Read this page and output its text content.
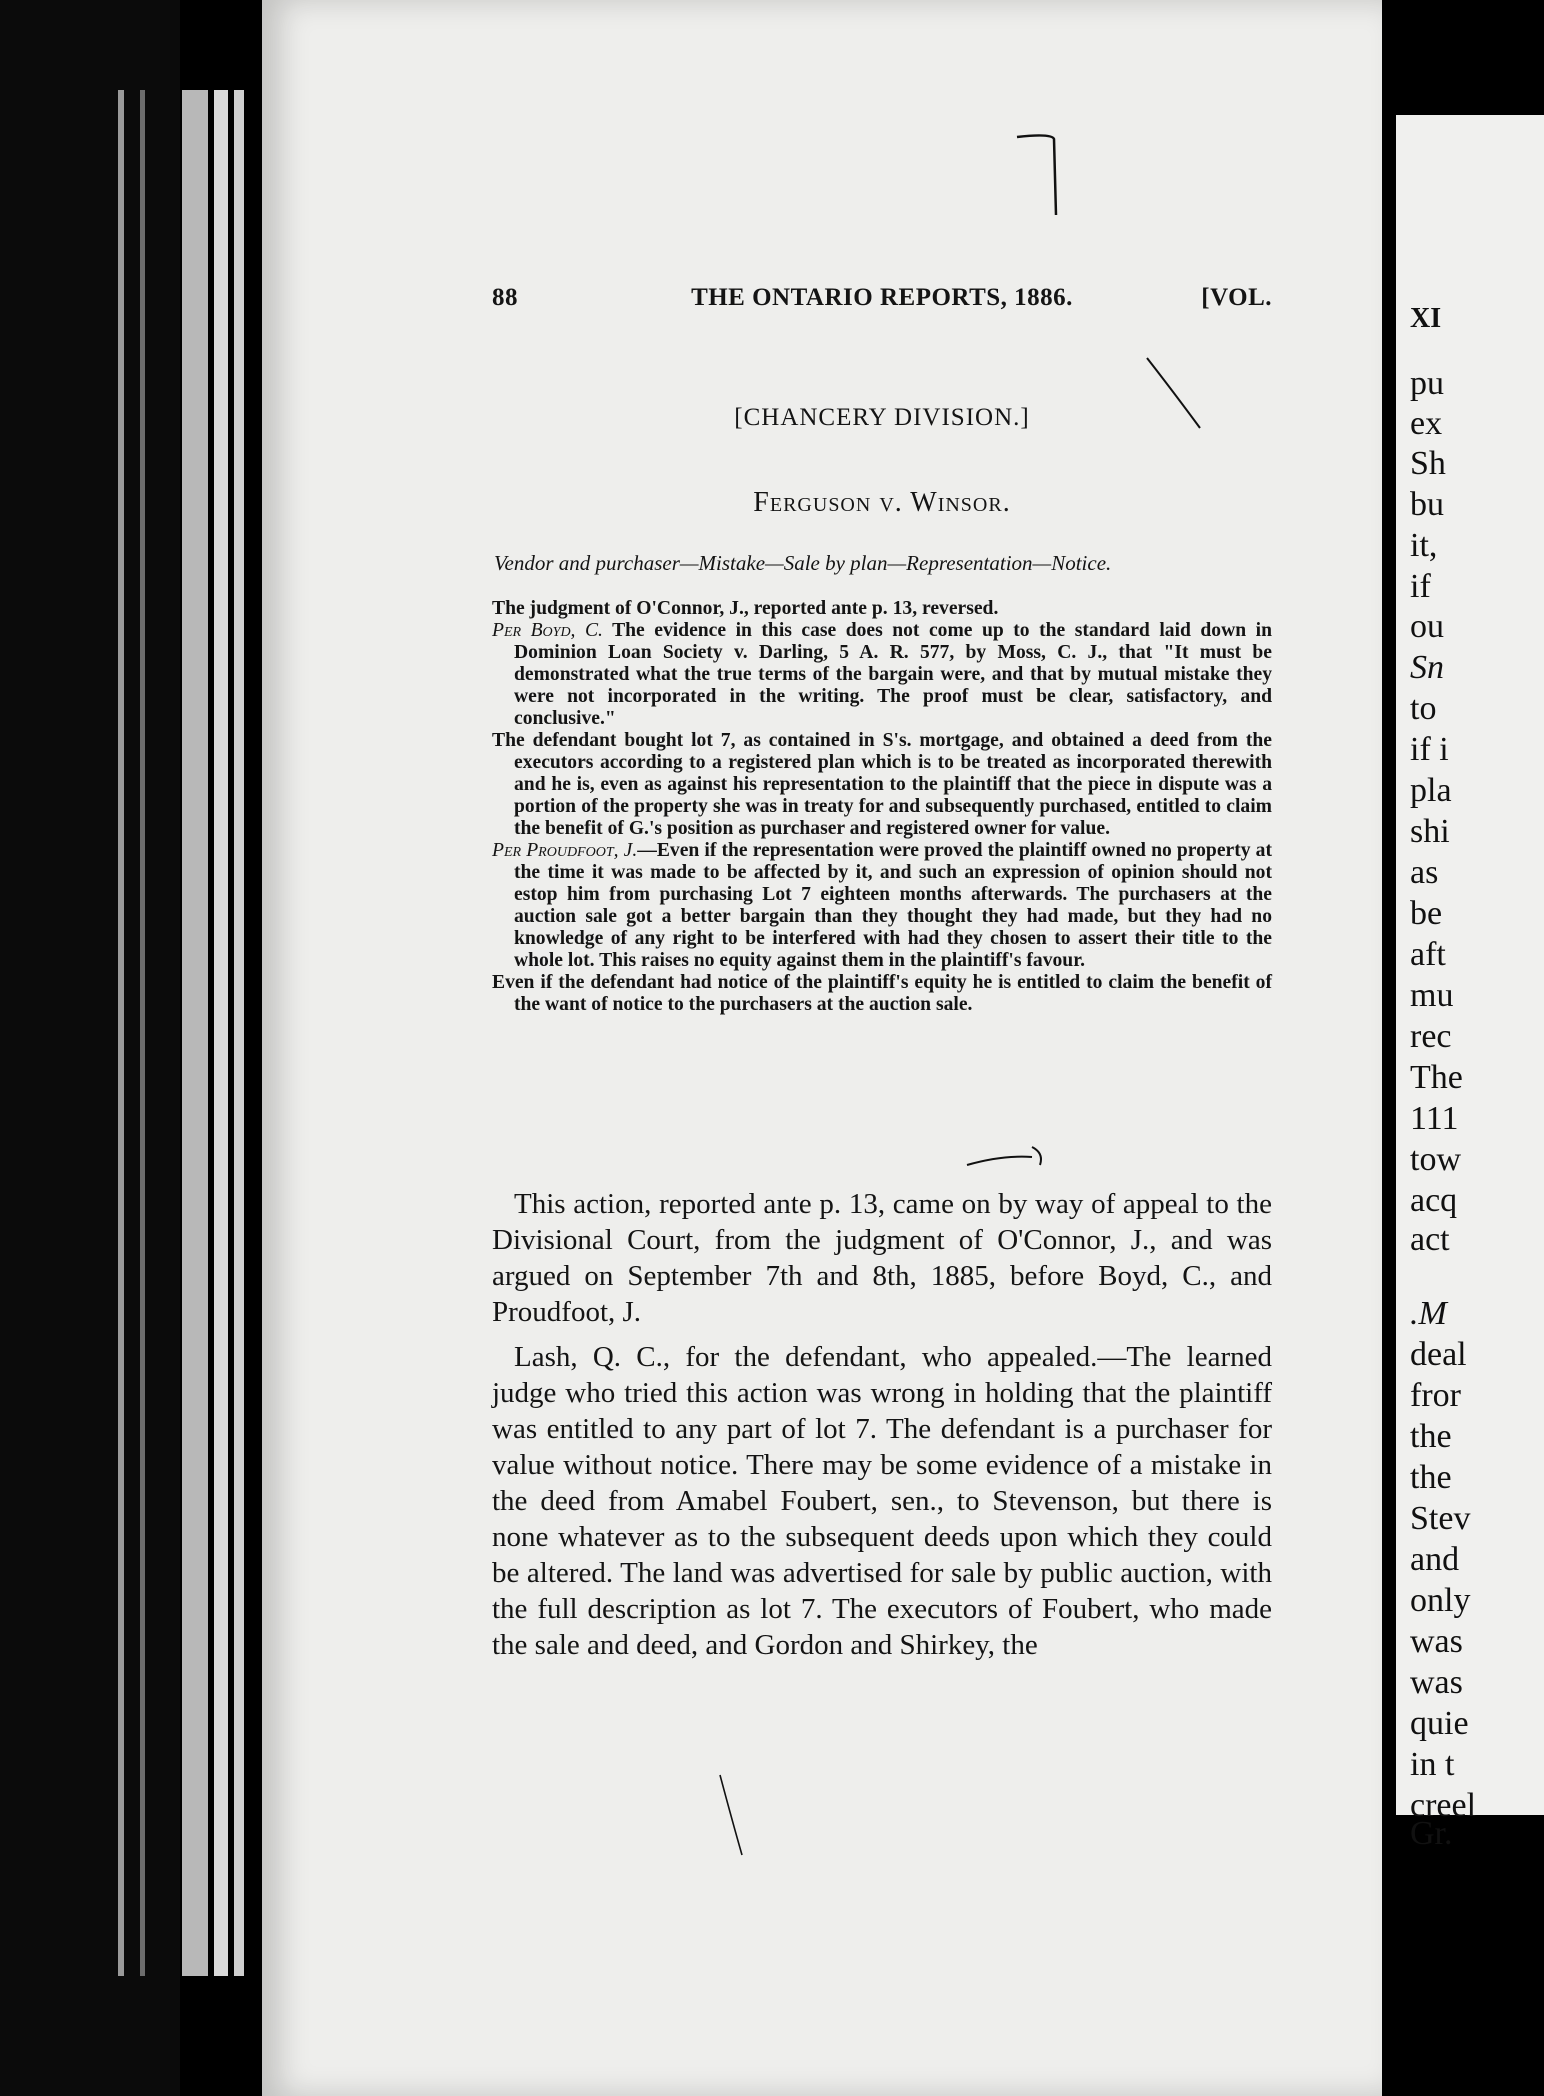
88	THE ONTARIO REPORTS, 1886.	[VOL.
[CHANCERY DIVISION.]
Ferguson v. Winsor.
Vendor and purchaser—Mistake—Sale by plan—Representation—Notice.

The judgment of O'Connor, J., reported ante p. 13, reversed.

Per Boyd, C. The evidence in this case does not come up to the standard laid down in Dominion Loan Society v. Darling, 5 A. R. 577, by Moss, C. J., that "It must be demonstrated what the true terms of the bargain were, and that by mutual mistake they were not incorporated in the writing. The proof must be clear, satisfactory, and conclusive."

The defendant bought lot 7, as contained in S's. mortgage, and obtained a deed from the executors according to a registered plan which is to be treated as incorporated therewith and he is, even as against his representation to the plaintiff that the piece in dispute was a portion of the property she was in treaty for and subsequently purchased, entitled to claim the benefit of G.'s position as purchaser and registered owner for value.

Per Proudfoot, J.—Even if the representation were proved the plaintiff owned no property at the time it was made to be affected by it, and such an expression of opinion should not estop him from purchasing Lot 7 eighteen months afterwards. The purchasers at the auction sale got a better bargain than they thought they had made, but they had no knowledge of any right to be interfered with had they chosen to assert their title to the whole lot. This raises no equity against them in the plaintiff's favour.

Even if the defendant had notice of the plaintiff's equity he is entitled to claim the benefit of the want of notice to the purchasers at the auction sale.

This action, reported ante p. 13, came on by way of appeal to the Divisional Court, from the judgment of O'Connor, J., and was argued on September 7th and 8th, 1885, before Boyd, C., and Proudfoot, J.

Lash, Q. C., for the defendant, who appealed.—The learned judge who tried this action was wrong in holding that the plaintiff was entitled to any part of lot 7. The defendant is a purchaser for value without notice. There may be some evidence of a mistake in the deed from Amabel Foubert, sen., to Stevenson, but there is none whatever as to the subsequent deeds upon which they could be altered. The land was advertised for sale by public auction, with the full description as lot 7. The executors of Foubert, who made the sale and deed, and Gordon and Shirkey, the

XI
pu
ex
Sh
bu
it,
if
ou
Sn
to
if i
pla
shi
as
be
aft
mu
rec
The
111
tow
acq
act
.M
deal
fror
the
the
Stev
and
only
was
was
quie
in t
creel
Gr.
